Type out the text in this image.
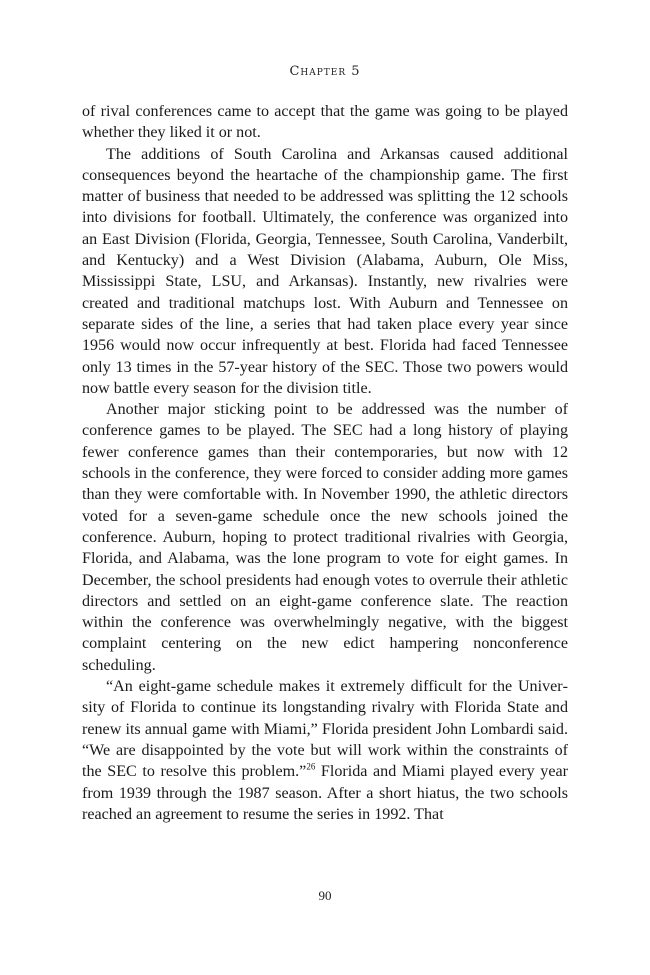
Chapter 5

of rival conferences came to accept that the game was going to be played whether they liked it or not.

The additions of South Carolina and Arkansas caused additional consequences beyond the heartache of the championship game. The first matter of business that needed to be addressed was splitting the 12 schools into divisions for football. Ultimately, the conference was organized into an East Division (Florida, Georgia, Tennessee, South Carolina, Vanderbilt, and Kentucky) and a West Division (Alabama, Auburn, Ole Miss, Mississippi State, LSU, and Arkansas). Instantly, new rivalries were created and traditional matchups lost. With Auburn and Tennessee on separate sides of the line, a series that had taken place every year since 1956 would now occur infrequently at best. Florida had faced Tennessee only 13 times in the 57-year history of the SEC. Those two powers would now battle every season for the division title.

Another major sticking point to be addressed was the number of conference games to be played. The SEC had a long history of playing fewer conference games than their contemporaries, but now with 12 schools in the conference, they were forced to consider adding more games than they were comfortable with. In November 1990, the athletic directors voted for a seven-game schedule once the new schools joined the conference. Auburn, hoping to protect traditional rivalries with Georgia, Florida, and Alabama, was the lone program to vote for eight games. In December, the school presidents had enough votes to overrule their athletic directors and settled on an eight-game conference slate. The reaction within the conference was overwhelmingly negative, with the biggest complaint centering on the new edict hampering nonconference scheduling.

“An eight-game schedule makes it extremely difficult for the University of Florida to continue its longstanding rivalry with Florida State and renew its annual game with Miami,” Florida president John Lombardi said. “We are disappointed by the vote but will work within the constraints of the SEC to resolve this problem.”$^{26}$ Florida and Miami played every year from 1939 through the 1987 season. After a short hiatus, the two schools reached an agreement to resume the series in 1992. That

90
